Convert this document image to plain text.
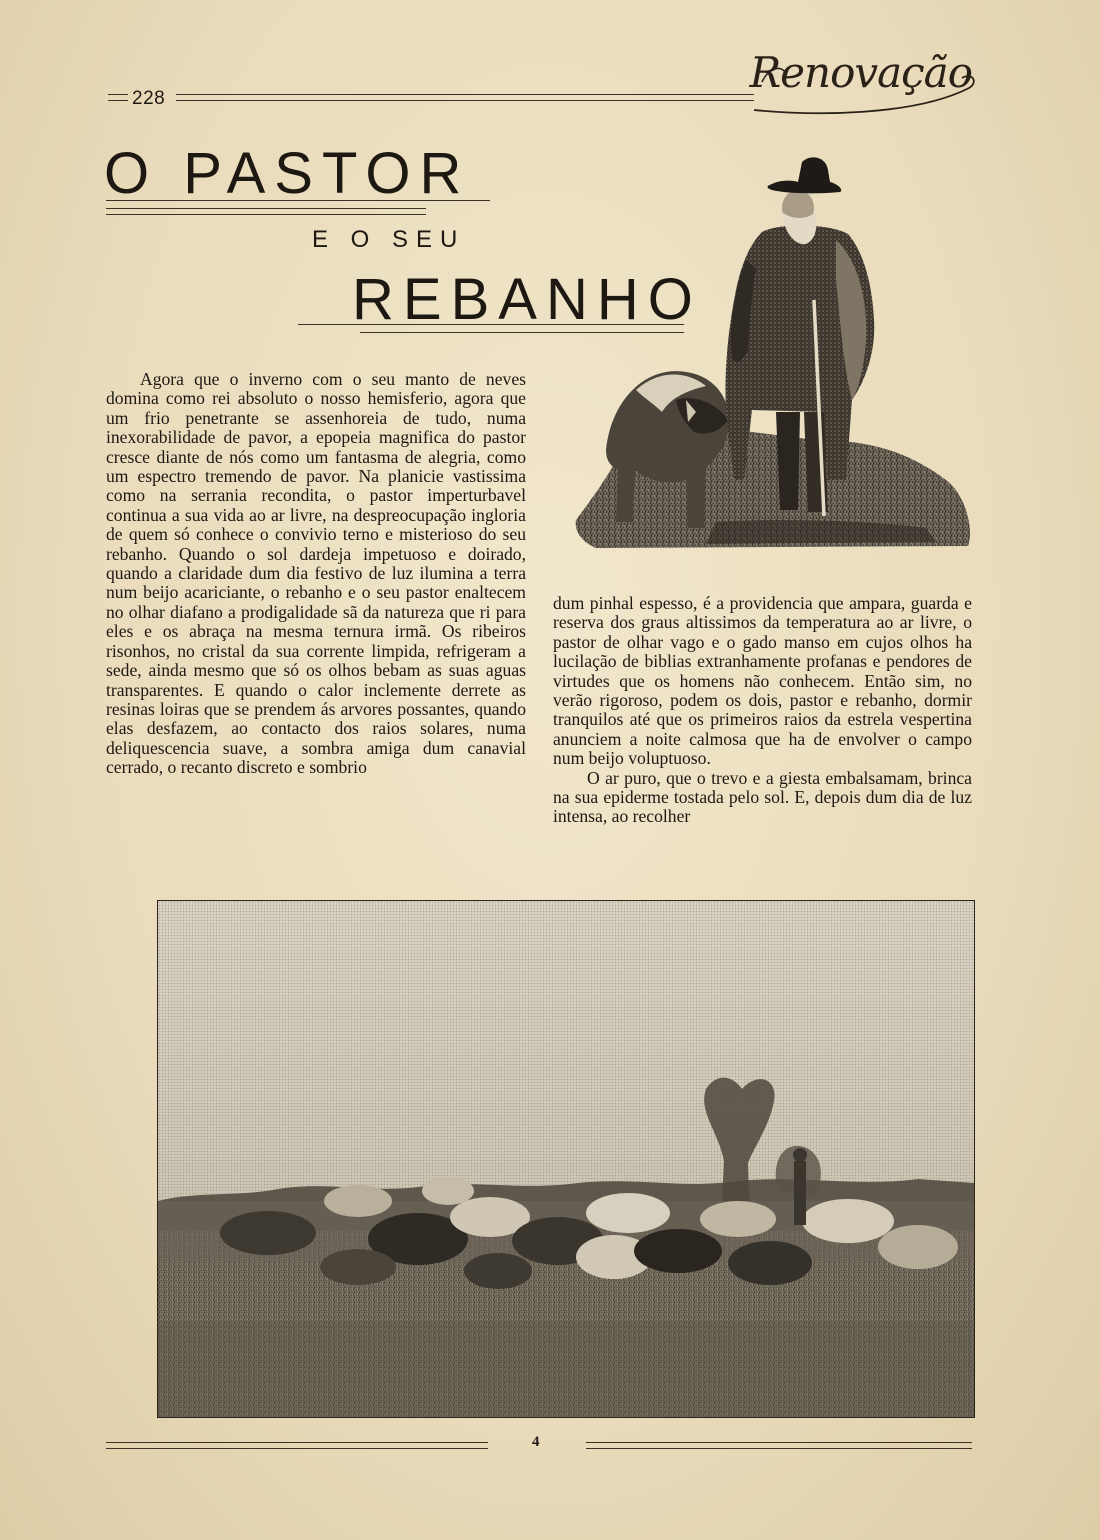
228
Renovação
O PASTOR
E O SEU
REBANHO

Agora que o inverno com o seu manto de neves domina como rei absoluto o nosso hemisferio, agora que um frio penetrante se assenhoreia de tudo, numa inexorabilidade de pavor, a epopeia magnifica do pastor cresce diante de nós como um fantasma de alegria, como um espectro tremendo de pavor. Na planicie vastissima como na serrania recondita, o pastor imperturbavel continua a sua vida ao ar livre, na despreocupação ingloria de quem só conhece o convivio terno e misterioso do seu rebanho. Quando o sol dardeja impetuoso e doirado, quando a claridade dum dia festivo de luz ilumina a terra num beijo acariciante, o rebanho e o seu pastor enaltecem no olhar diafano a prodigalidade sã da natureza que ri para eles e os abraça na mesma ternura irmã. Os ribeiros risonhos, no cristal da sua corrente limpida, refrigeram a sede, ainda mesmo que só os olhos bebam as suas aguas transparentes. E quando o calor inclemente derrete as resinas loiras que se prendem ás arvores possantes, quando elas desfazem, ao contacto dos raios solares, numa deliquescencia suave, a sombra amiga dum canavial cerrado, o recanto discreto e sombrio

dum pinhal espesso, é a providencia que ampara, guarda e reserva dos graus altissimos da temperatura ao ar livre, o pastor de olhar vago e o gado manso em cujos olhos ha lucilação de biblias extranhamente profanas e pendores de virtudes que os homens não conhecem. Então sim, no verão rigoroso, podem os dois, pastor e rebanho, dormir tranquilos até que os primeiros raios da estrela vespertina anunciem a noite calmosa que ha de envolver o campo num beijo voluptuoso.

O ar puro, que o trevo e a giesta embalsamam, brinca na sua epiderme tostada pelo sol. E, depois dum dia de luz intensa, ao recolher

4
